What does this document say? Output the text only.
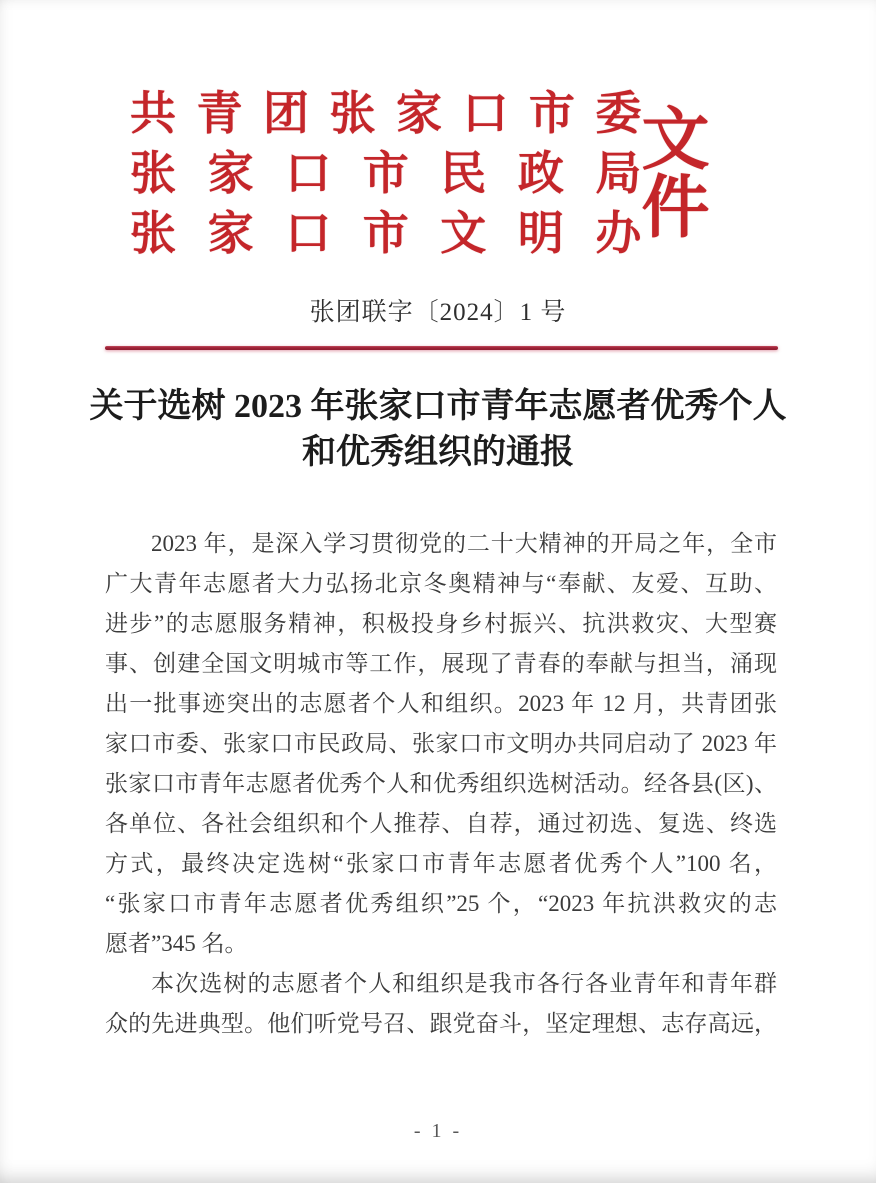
共 青 团 张 家 口 市 委
张 家 口 市 民 政 局
张 家 口 市 文 明 办
文件
张团联字〔2024〕1 号
关于选树 2023 年张家口市青年志愿者优秀个人
和优秀组织的通报

2023 年，是深入学习贯彻党的二十大精神的开局之年，全市

广大青年志愿者大力弘扬北京冬奥精神与“奉献、友爱、互助、

进步”的志愿服务精神，积极投身乡村振兴、抗洪救灾、大型赛

事、创建全国文明城市等工作，展现了青春的奉献与担当，涌现

出一批事迹突出的志愿者个人和组织。2023 年 12 月，共青团张

家口市委、张家口市民政局、张家口市文明办共同启动了 2023 年

张家口市青年志愿者优秀个人和优秀组织选树活动。经各县(区)、

各单位、各社会组织和个人推荐、自荐，通过初选、复选、终选

方式，最终决定选树“张家口市青年志愿者优秀个人”100 名，

“张家口市青年志愿者优秀组织”25 个，“2023 年抗洪救灾的志

愿者”345 名。

本次选树的志愿者个人和组织是我市各行各业青年和青年群

众的先进典型。他们听党号召、跟党奋斗，坚定理想、志存高远，

- 1 -
